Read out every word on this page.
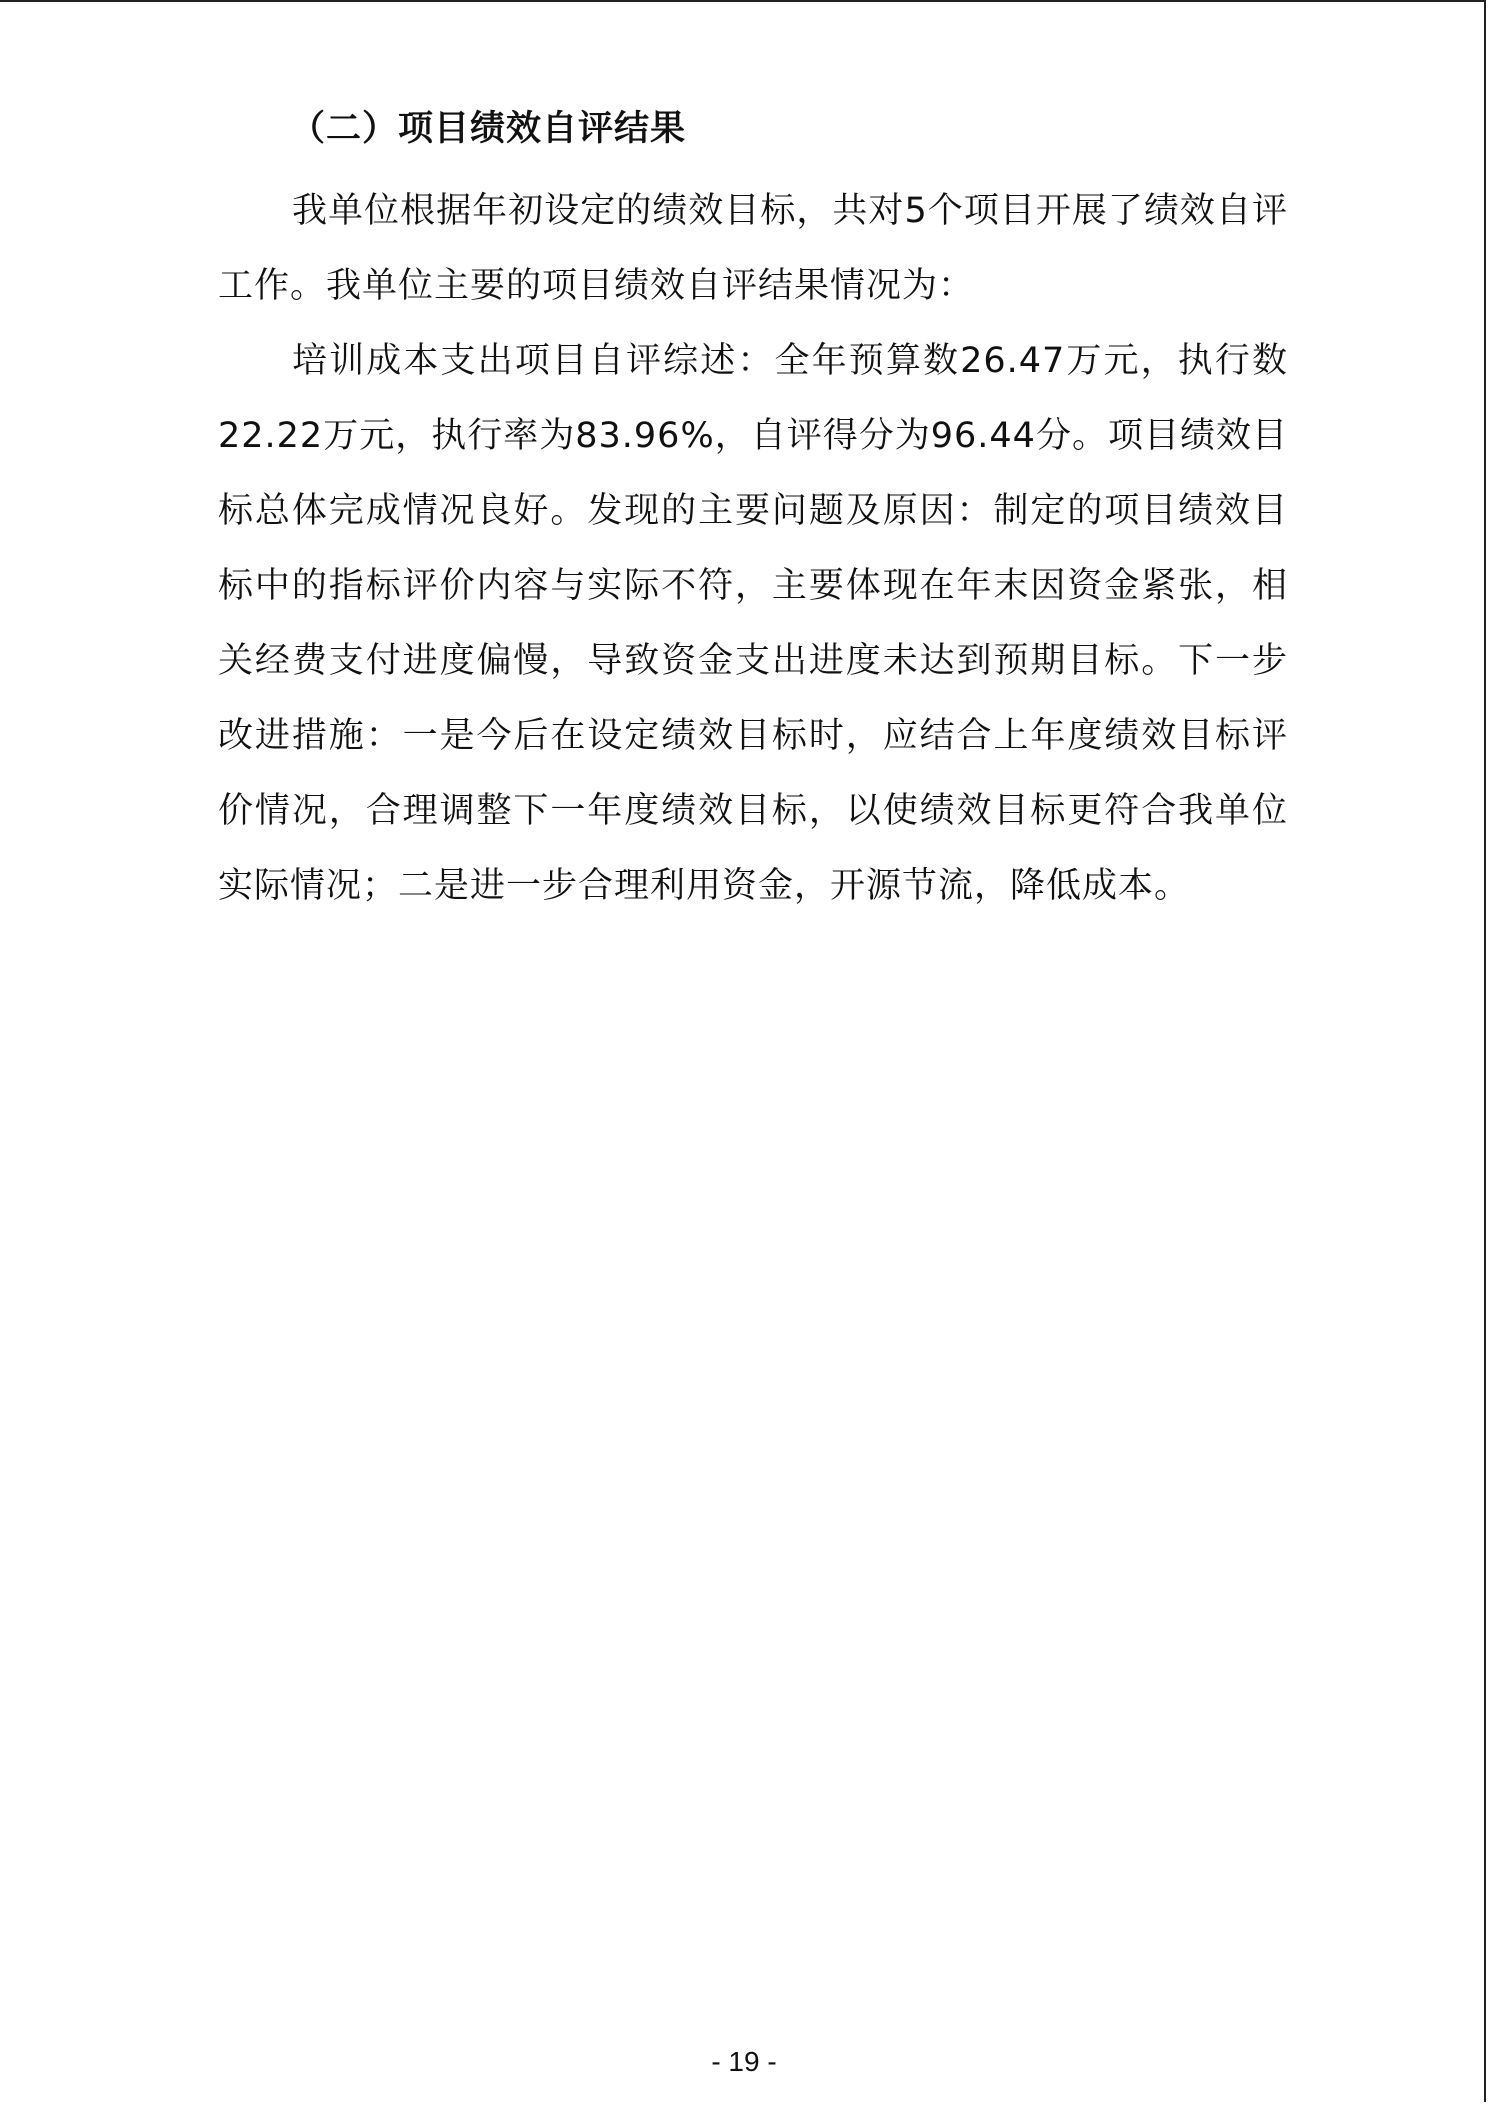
（二）项目绩效自评结果

我单位根据年初设定的绩效目标，共对5个项目开展了绩效自评工作。我单位主要的项目绩效自评结果情况为：

培训成本支出项目自评综述：全年预算数26.47万元，执行数22.22万元，执行率为83.96%，自评得分为96.44分。项目绩效目标总体完成情况良好。发现的主要问题及原因：制定的项目绩效目标中的指标评价内容与实际不符，主要体现在年末因资金紧张，相关经费支付进度偏慢，导致资金支出进度未达到预期目标。下一步改进措施：一是今后在设定绩效目标时，应结合上年度绩效目标评价情况，合理调整下一年度绩效目标，以使绩效目标更符合我单位实际情况；二是进一步合理利用资金，开源节流，降低成本。

- 19 -
